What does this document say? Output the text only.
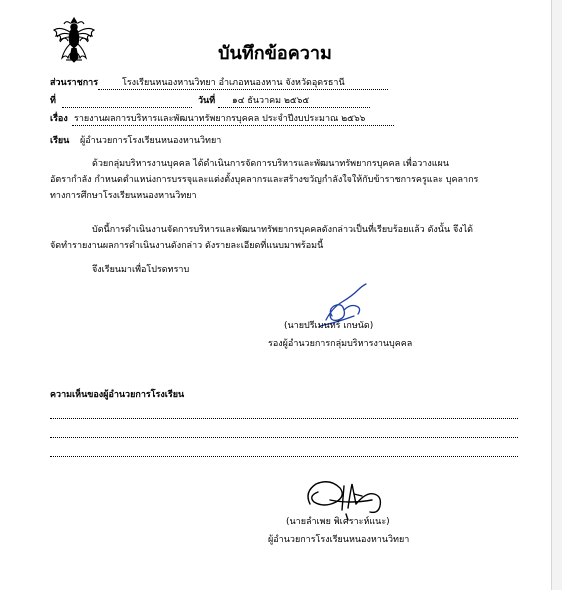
บันทึกข้อความ
ส่วนราชการ	โรงเรียนหนองหานวิทยา อำเภอหนองหาน จังหวัดอุดรธานี
ที่	วันที่ ๑๔ ธันวาคม ๒๕๖๕
เรื่อง รายงานผลการบริหารและพัฒนาทรัพยากรบุคคล ประจำปีงบประมาณ ๒๕๖๖
เรียน ผู้อำนวยการโรงเรียนหนองหานวิทยา
ด้วยกลุ่มบริหารงานบุคคล ได้ดำเนินการจัดการบริหารและพัฒนาทรัพยากรบุคคล เพื่อวางแผน
อัตรากำลัง กำหนดตำแหน่งการบรรจุและแต่งตั้งบุคลากรและสร้างขวัญกำลังใจให้กับข้าราชการครูและ บุคลากร
ทางการศึกษาโรงเรียนหนองหานวิทยา
บัดนี้การดำเนินงานจัดการบริหารและพัฒนาทรัพยากรบุคคลดังกล่าวเป็นที่เรียบร้อยแล้ว ดังนั้น จึงได้
จัดทำรายงานผลการดำเนินงานดังกล่าว ดังรายละเอียดที่แนบมาพร้อมนี้
จึงเรียนมาเพื่อโปรดทราบ
(นายปรีเมนทร์ เกษนัด)
รองผู้อำนวยการกลุ่มบริหารงานบุคคล
ความเห็นของผู้อำนวยการโรงเรียน
(นายลำเพย พิเคราะห์แนะ)
ผู้อำนวยการโรงเรียนหนองหานวิทยา
